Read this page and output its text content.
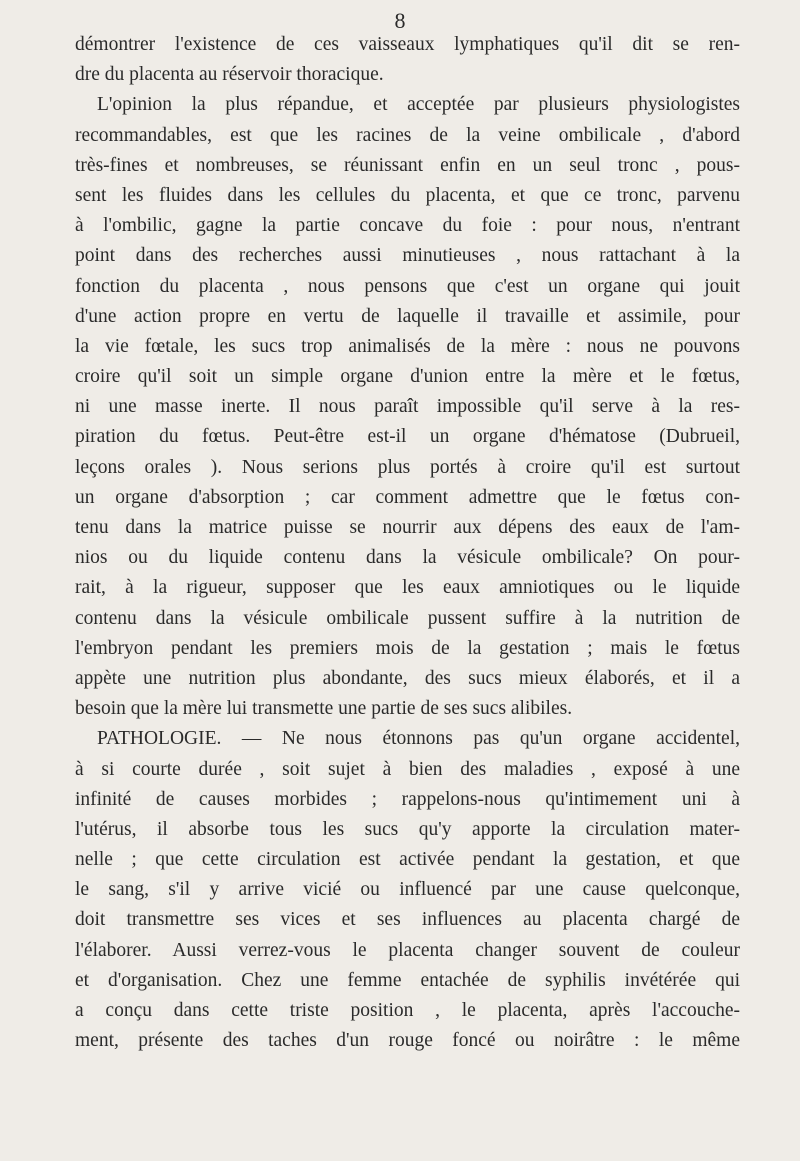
8
démontrer l'existence de ces vaisseaux lymphatiques qu'il dit se ren-
dre du placenta au réservoir thoracique.
L'opinion la plus répandue, et acceptée par plusieurs physiologistes
recommandables, est que les racines de la veine ombilicale , d'abord
très-fines et nombreuses, se réunissant enfin en un seul tronc , pous-
sent les fluides dans les cellules du placenta, et que ce tronc, parvenu
à l'ombilic, gagne la partie concave du foie : pour nous, n'entrant
point dans des recherches aussi minutieuses , nous rattachant à la
fonction du placenta , nous pensons que c'est un organe qui jouit
d'une action propre en vertu de laquelle il travaille et assimile, pour
la vie fœtale, les sucs trop animalisés de la mère : nous ne pouvons
croire qu'il soit un simple organe d'union entre la mère et le fœtus,
ni une masse inerte. Il nous paraît impossible qu'il serve à la res-
piration du fœtus. Peut-être est-il un organe d'hématose (Dubrueil,
leçons orales ). Nous serions plus portés à croire qu'il est surtout
un organe d'absorption ; car comment admettre que le fœtus con-
tenu dans la matrice puisse se nourrir aux dépens des eaux de l'am-
nios ou du liquide contenu dans la vésicule ombilicale? On pour-
rait, à la rigueur, supposer que les eaux amniotiques ou le liquide
contenu dans la vésicule ombilicale pussent suffire à la nutrition de
l'embryon pendant les premiers mois de la gestation ; mais le fœtus
appète une nutrition plus abondante, des sucs mieux élaborés, et il a
besoin que la mère lui transmette une partie de ses sucs alibiles.
PATHOLOGIE. — Ne nous étonnons pas qu'un organe accidentel,
à si courte durée , soit sujet à bien des maladies , exposé à une
infinité de causes morbides ; rappelons-nous qu'intimement uni à
l'utérus, il absorbe tous les sucs qu'y apporte la circulation mater-
nelle ; que cette circulation est activée pendant la gestation, et que
le sang, s'il y arrive vicié ou influencé par une cause quelconque,
doit transmettre ses vices et ses influences au placenta chargé de
l'élaborer. Aussi verrez-vous le placenta changer souvent de couleur
et d'organisation. Chez une femme entachée de syphilis invétérée qui
a conçu dans cette triste position , le placenta, après l'accouche-
ment, présente des taches d'un rouge foncé ou noirâtre : le même
